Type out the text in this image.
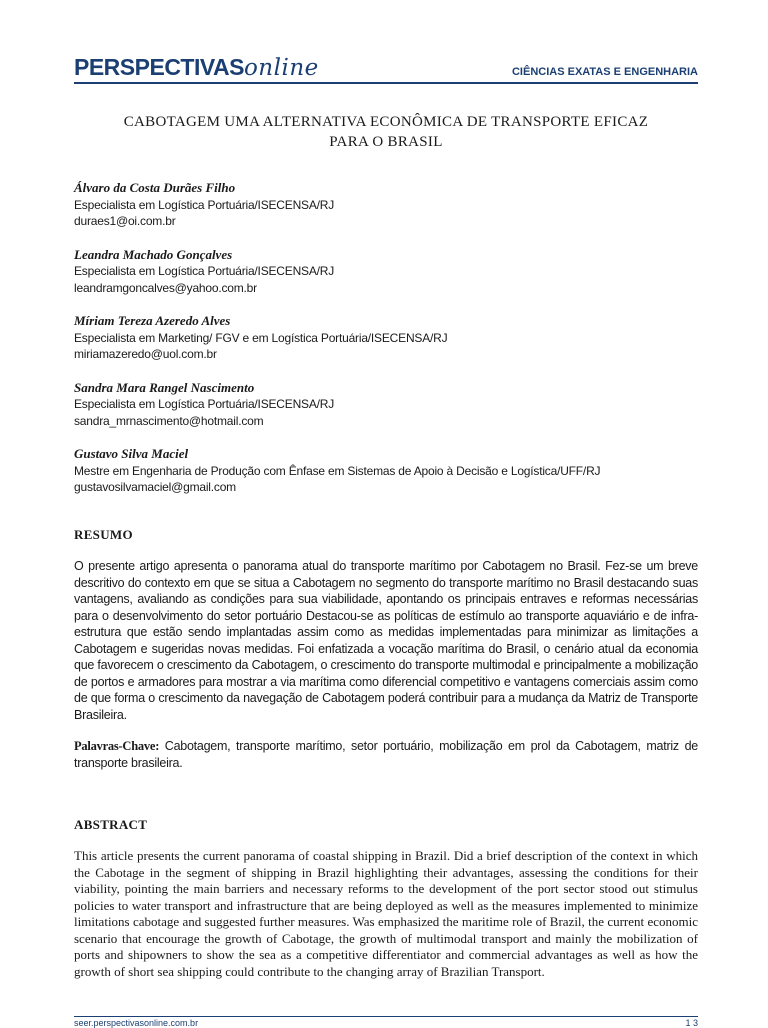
PERSPECTIVASonline	CIÊNCIAS EXATAS E ENGENHARIA
CABOTAGEM UMA ALTERNATIVA ECONÔMICA DE TRANSPORTE EFICAZ
PARA O BRASIL
Álvaro da Costa Durães Filho
Especialista em Logística Portuária/ISECENSA/RJ
duraes1@oi.com.br
Leandra Machado Gonçalves
Especialista em Logística Portuária/ISECENSA/RJ
leandramgoncalves@yahoo.com.br
Míriam Tereza Azeredo Alves
Especialista em Marketing/ FGV e em Logística Portuária/ISECENSA/RJ
miriamazeredo@uol.com.br
Sandra Mara Rangel Nascimento
Especialista em Logística Portuária/ISECENSA/RJ
sandra_mrnascimento@hotmail.com
Gustavo Silva Maciel
Mestre em Engenharia de Produção com Ênfase em Sistemas de Apoio à Decisão e Logística/UFF/RJ
gustavosilvamaciel@gmail.com
RESUMO
O presente artigo apresenta o panorama atual do transporte marítimo por Cabotagem no Brasil. Fez-se um breve descritivo do contexto em que se situa a Cabotagem no segmento do transporte marítimo no Brasil destacando suas vantagens, avaliando as condições para sua viabilidade, apontando os principais entraves e reformas necessárias para o desenvolvimento do setor portuário Destacou-se as políticas de estímulo ao transporte aquaviário e de infra-estrutura que estão sendo implantadas assim como as medidas implementadas para minimizar as limitações a Cabotagem e sugeridas novas medidas. Foi enfatizada a vocação marítima do Brasil, o cenário atual da economia que favorecem o crescimento da Cabotagem, o crescimento do transporte multimodal e principalmente a mobilização de portos e armadores para mostrar a via marítima como diferencial competitivo e vantagens comerciais assim como de que forma o crescimento da navegação de Cabotagem poderá contribuir para a mudança da Matriz de Transporte Brasileira.
Palavras-Chave: Cabotagem, transporte marítimo, setor portuário, mobilização em prol da Cabotagem, matriz de transporte brasileira.
ABSTRACT
This article presents the current panorama of coastal shipping in Brazil. Did a brief description of the context in which the Cabotage in the segment of shipping in Brazil highlighting their advantages, assessing the conditions for their viability, pointing the main barriers and necessary reforms to the development of the port sector stood out stimulus policies to water transport and infrastructure that are being deployed as well as the measures implemented to minimize limitations cabotage and suggested further measures. Was emphasized the maritime role of Brazil, the current economic scenario that encourage the growth of Cabotage, the growth of multimodal transport and mainly the mobilization of ports and shipowners to show the sea as a competitive differentiator and commercial advantages as well as how the growth of short sea shipping could contribute to the changing array of Brazilian Transport.
seer.perspectivasonline.com.br	1 3
